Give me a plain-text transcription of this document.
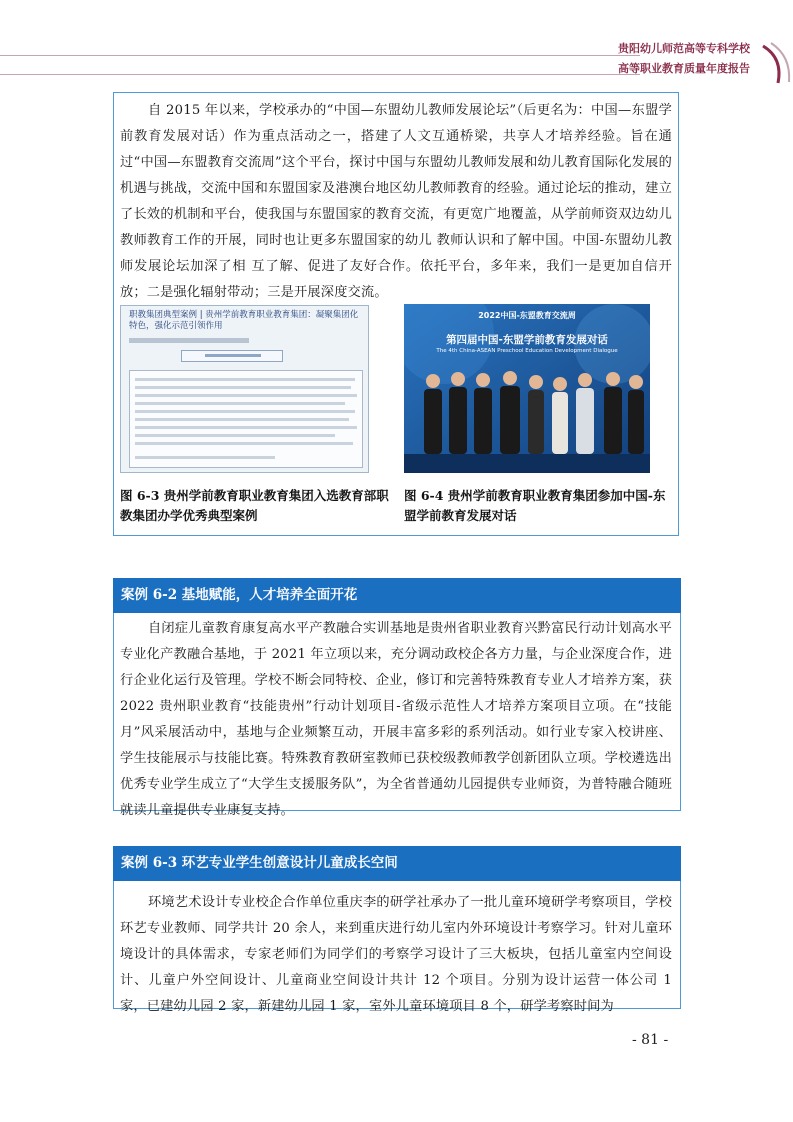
贵阳幼儿师范高等专科学校
高等职业教育质量年度报告
自 2015 年以来，学校承办的“中国—东盟幼儿教师发展论坛”（后更名为：中国—东盟学前教育发展对话）作为重点活动之一，搭建了人文互通桥梁，共享人才培养经验。旨在通过“中国—东盟教育交流周”这个平台，探讨中国与东盟幼儿教师发展和幼儿教育国际化发展的机遇与挑战，交流中国和东盟国家及港澳台地区幼儿教师教育的经验。通过论坛的推动，建立了长效的机制和平台，使我国与东盟国家的教育交流，有更宽广地覆盖，从学前师资双边幼儿教师教育工作的开展，同时也让更多东盟国家的幼儿 教师认识和了解中国。中国-东盟幼儿教师发展论坛加深了相 互了解、促进了友好合作。依托平台，多年来，我们一是更加自信开放；二是强化辐射带动；三是开展深度交流。
职教集团典型案例 | 贵州学前教育职业教育集团：凝聚集团化特色，强化示范引领作用
2022中国-东盟教育交流周
第四届中国-东盟学前教育发展对话
The 4th China-ASEAN Preschool Education Development Dialogue
图 6-3 贵州学前教育职业教育集团入选教育部职教集团办学优秀典型案例
图 6-4 贵州学前教育职业教育集团参加中国-东盟学前教育发展对话
案例 6-2 基地赋能，人才培养全面开花
自闭症儿童教育康复高水平产教融合实训基地是贵州省职业教育兴黔富民行动计划高水平专业化产教融合基地，于 2021 年立项以来，充分调动政校企各方力量，与企业深度合作，进行企业化运行及管理。学校不断会同特校、企业，修订和完善特殊教育专业人才培养方案，获 2022 贵州职业教育“技能贵州”行动计划项目-省级示范性人才培养方案项目立项。在“技能月”风采展活动中，基地与企业频繁互动，开展丰富多彩的系列活动。如行业专家入校讲座、学生技能展示与技能比赛。特殊教育教研室教师已获校级教师教学创新团队立项。学校遴选出优秀专业学生成立了“大学生支援服务队”，为全省普通幼儿园提供专业师资，为普特融合随班就读儿童提供专业康复支持。
案例 6-3 环艺专业学生创意设计儿童成长空间
环境艺术设计专业校企合作单位重庆李的研学社承办了一批儿童环境研学考察项目，学校环艺专业教师、同学共计 20 余人，来到重庆进行幼儿室内外环境设计考察学习。针对儿童环境设计的具体需求，专家老师们为同学们的考察学习设计了三大板块，包括儿童室内空间设计、儿童户外空间设计、儿童商业空间设计共计 12 个项目。分别为设计运营一体公司 1 家，已建幼儿园 2 家，新建幼儿园 1 家，室外儿童环境项目 8 个，研学考察时间为
- 81 -
